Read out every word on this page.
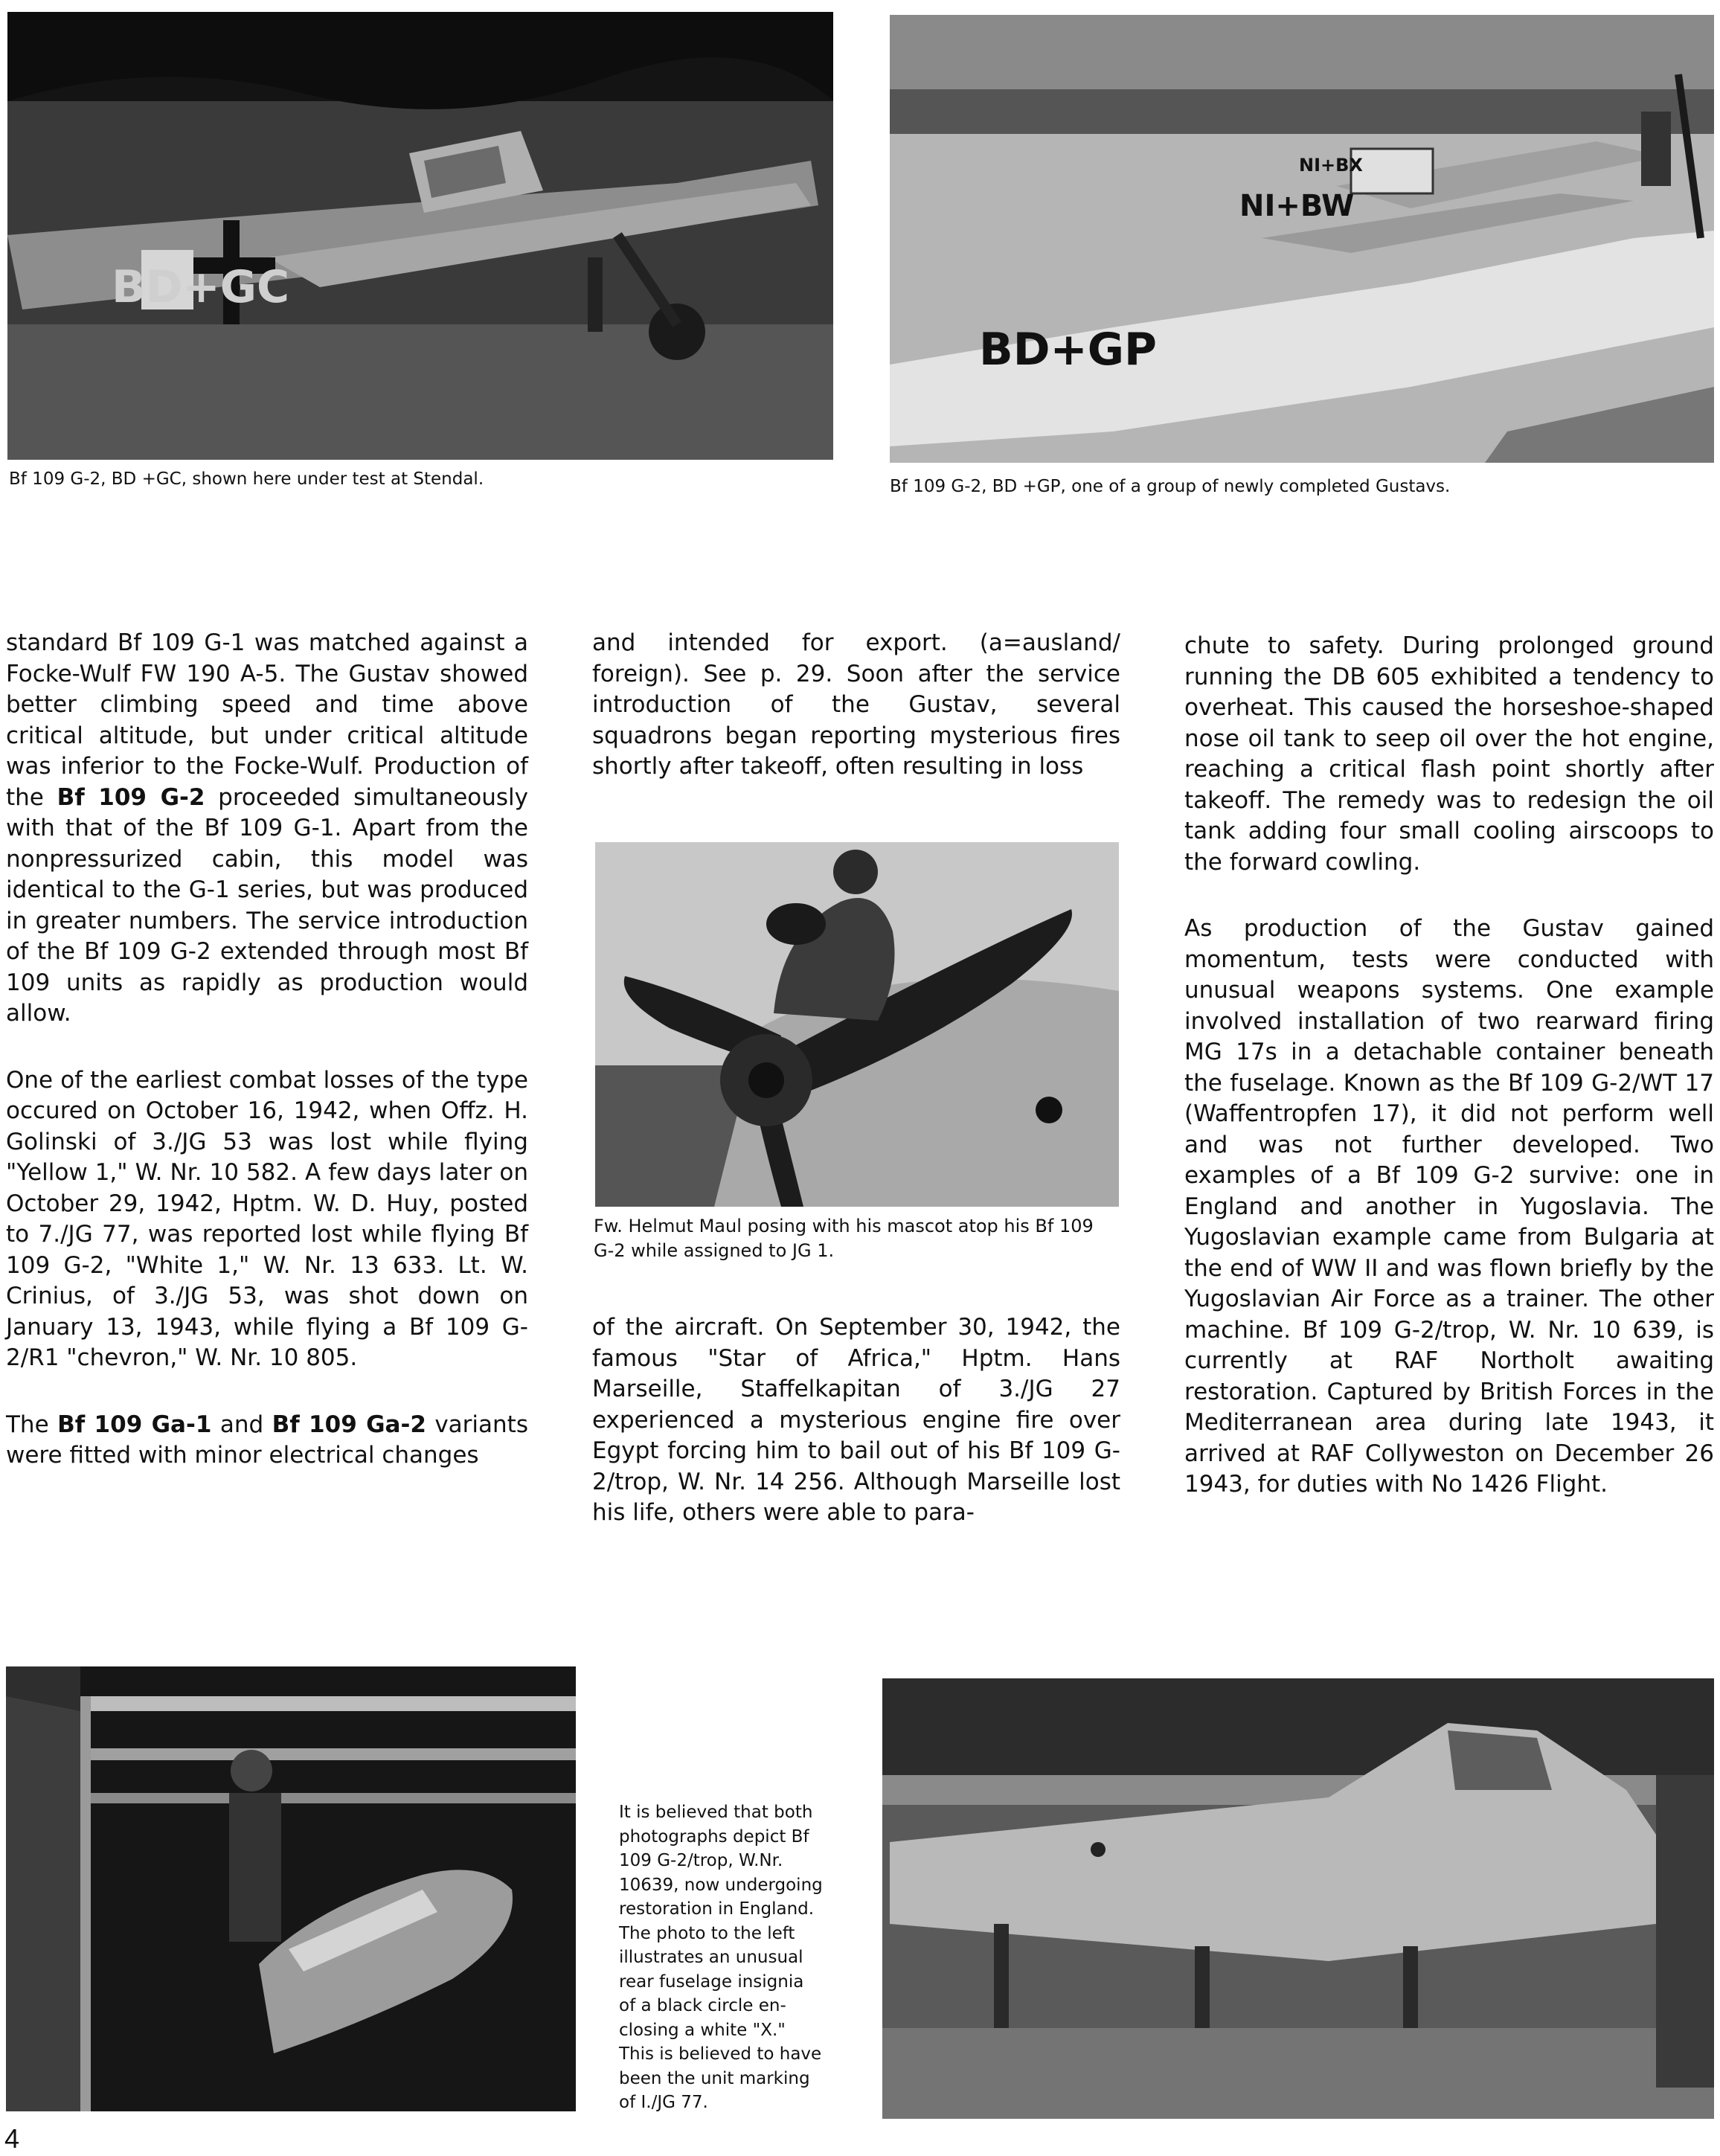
BD+GC
Bf 109 G-2, BD +GC, shown here under test at Stendal.
BD+GP
NI+BW
NI+BX
Bf 109 G-2, BD +GP, one of a group of newly completed Gustavs.

standard Bf 109 G-1 was matched against a Focke-Wulf FW 190 A-5. The Gustav showed better climbing speed and time above critical altitude, but under critical altitude was inferior to the Focke-Wulf. Production of the Bf 109 G-2 proceeded simultaneously with that of the Bf 109 G-1. Apart from the nonpressurized cabin, this model was identical to the G-1 series, but was produced in greater numbers. The service introduction of the Bf 109 G-2 extended through most Bf 109 units as rapidly as production would allow.

One of the earliest combat losses of the type occured on October 16, 1942, when Offz. H. Golinski of 3./JG 53 was lost while flying "Yellow 1," W. Nr. 10 582. A few days later on October 29, 1942, Hptm. W. D. Huy, posted to 7./JG 77, was reported lost while flying Bf 109 G-2, "White 1," W. Nr. 13 633. Lt. W. Crinius, of 3./JG 53, was shot down on January 13, 1943, while flying a Bf 109 G-2/R1 "chevron," W. Nr. 10 805.

The Bf 109 Ga-1 and Bf 109 Ga-2 variants were fitted with minor electrical changes

and intended for export. (a=ausland/ foreign). See p. 29. Soon after the service introduction of the Gustav, several squadrons began reporting mysterious fires shortly after takeoff, often resulting in loss

Fw. Helmut Maul posing with his mascot atop his Bf 109 G-2 while assigned to JG 1.

of the aircraft. On September 30, 1942, the famous "Star of Africa," Hptm. Hans Marseille, Staffelkapitan of 3./JG 27 experienced a mysterious engine fire over Egypt forcing him to bail out of his Bf 109 G-2/trop, W. Nr. 14 256. Although Marseille lost his life, others were able to para-

chute to safety. During prolonged ground running the DB 605 exhibited a tendency to overheat. This caused the horseshoe-shaped nose oil tank to seep oil over the hot engine, reaching a critical flash point shortly after takeoff. The remedy was to redesign the oil tank adding four small cooling airscoops to the forward cowling.

As production of the Gustav gained momentum, tests were conducted with unusual weapons systems. One example involved installation of two rearward firing MG 17s in a detachable container beneath the fuselage. Known as the Bf 109 G-2/WT 17 (Waffentropfen 17), it did not perform well and was not further developed. Two examples of a Bf 109 G-2 survive: one in England and another in Yugoslavia. The Yugoslavian example came from Bulgaria at the end of WW II and was flown briefly by the Yugoslavian Air Force as a trainer. The other machine. Bf 109 G-2/trop, W. Nr. 10 639, is currently at RAF Northolt awaiting restoration. Captured by British Forces in the Mediterranean area during late 1943, it arrived at RAF Collyweston on December 26 1943, for duties with No 1426 Flight.

It is believed that both
photographs depict Bf
109 G-2/trop, W.Nr.
10639, now undergoing
restoration in England.
The photo to the left
illustrates an unusual
rear fuselage insignia
of a black circle en-
closing a white "X."
This is believed to have
been the unit marking
of I./JG 77.
4
